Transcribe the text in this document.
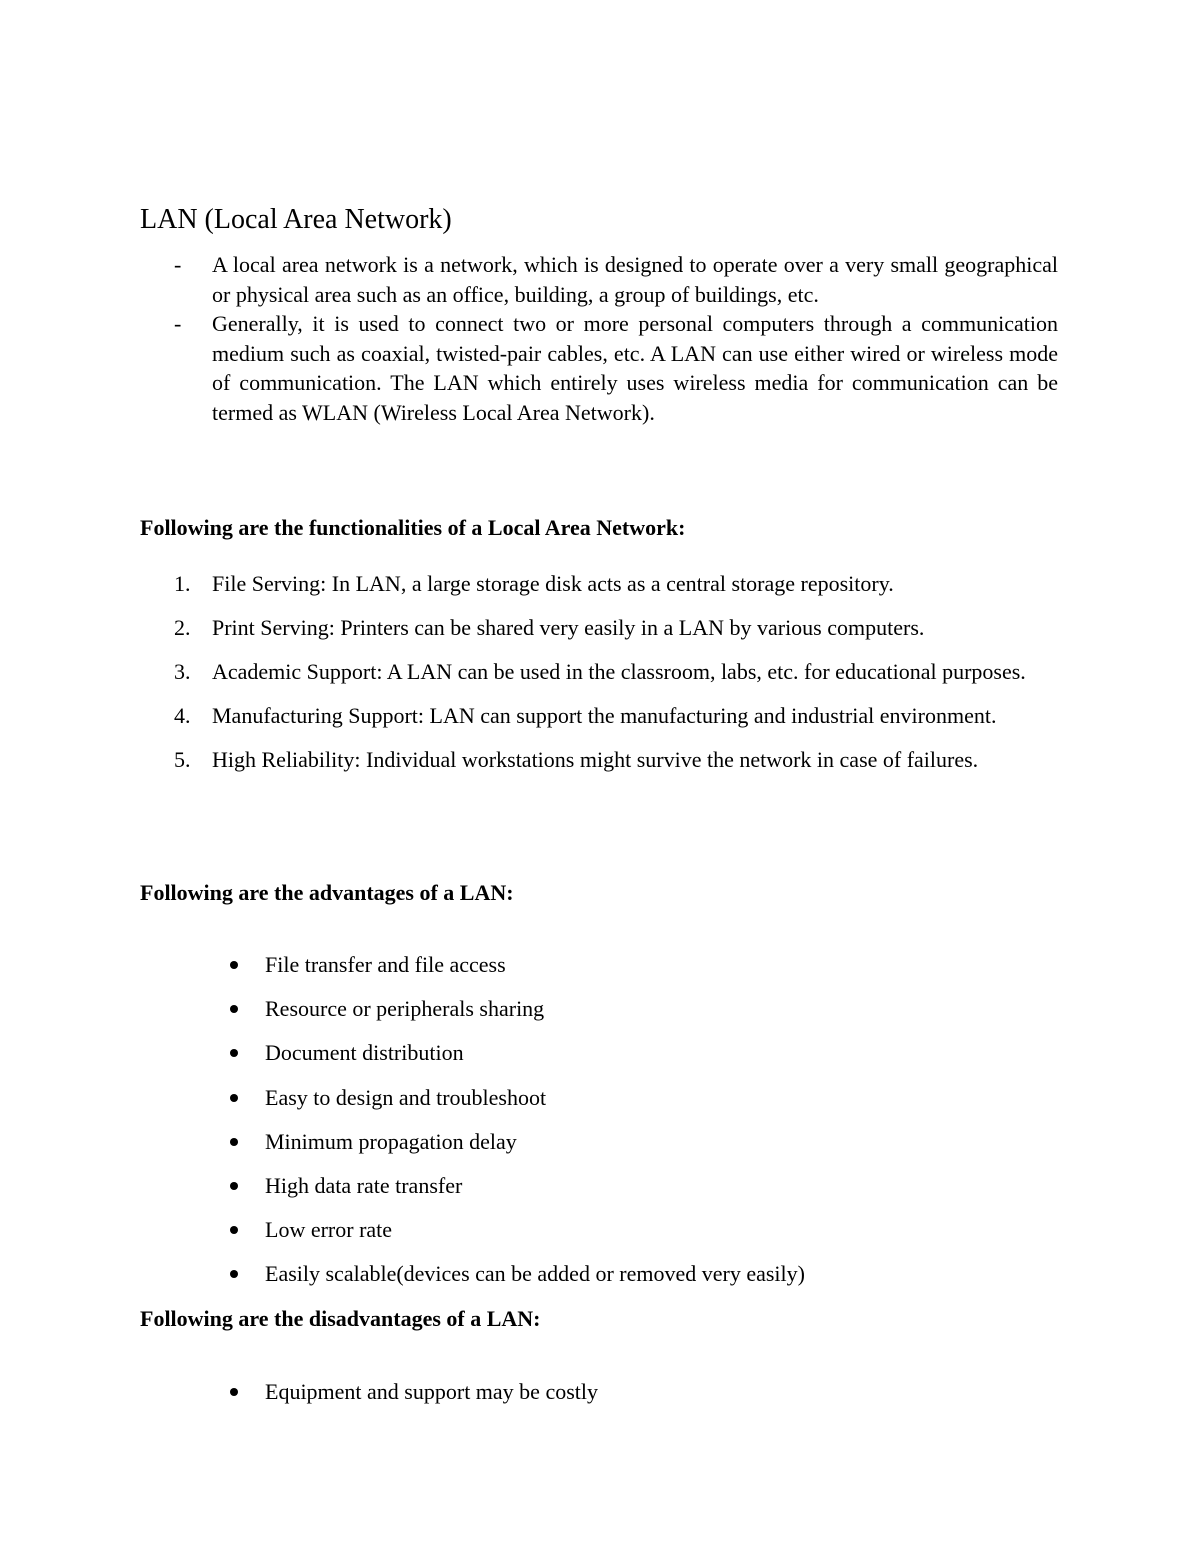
LAN (Local Area Network)
- A local area network is a network, which is designed to operate over a very small geographical or physical area such as an office, building, a group of buildings, etc.
- Generally, it is used to connect two or more personal computers through a communication medium such as coaxial, twisted-pair cables, etc. A LAN can use either wired or wireless mode of communication. The LAN which entirely uses wireless media for communication can be termed as WLAN (Wireless Local Area Network).

Following are the functionalities of a Local Area Network:

1. File Serving: In LAN, a large storage disk acts as a central storage repository.
2. Print Serving: Printers can be shared very easily in a LAN by various computers.
3. Academic Support: A LAN can be used in the classroom, labs, etc. for educational purposes.
4. Manufacturing Support: LAN can support the manufacturing and industrial environment.
5. High Reliability: Individual workstations might survive the network in case of failures.

Following are the advantages of a LAN:

File transfer and file access
Resource or peripherals sharing
Document distribution
Easy to design and troubleshoot
Minimum propagation delay
High data rate transfer
Low error rate
Easily scalable(devices can be added or removed very easily)

Following are the disadvantages of a LAN:

Equipment and support may be costly
